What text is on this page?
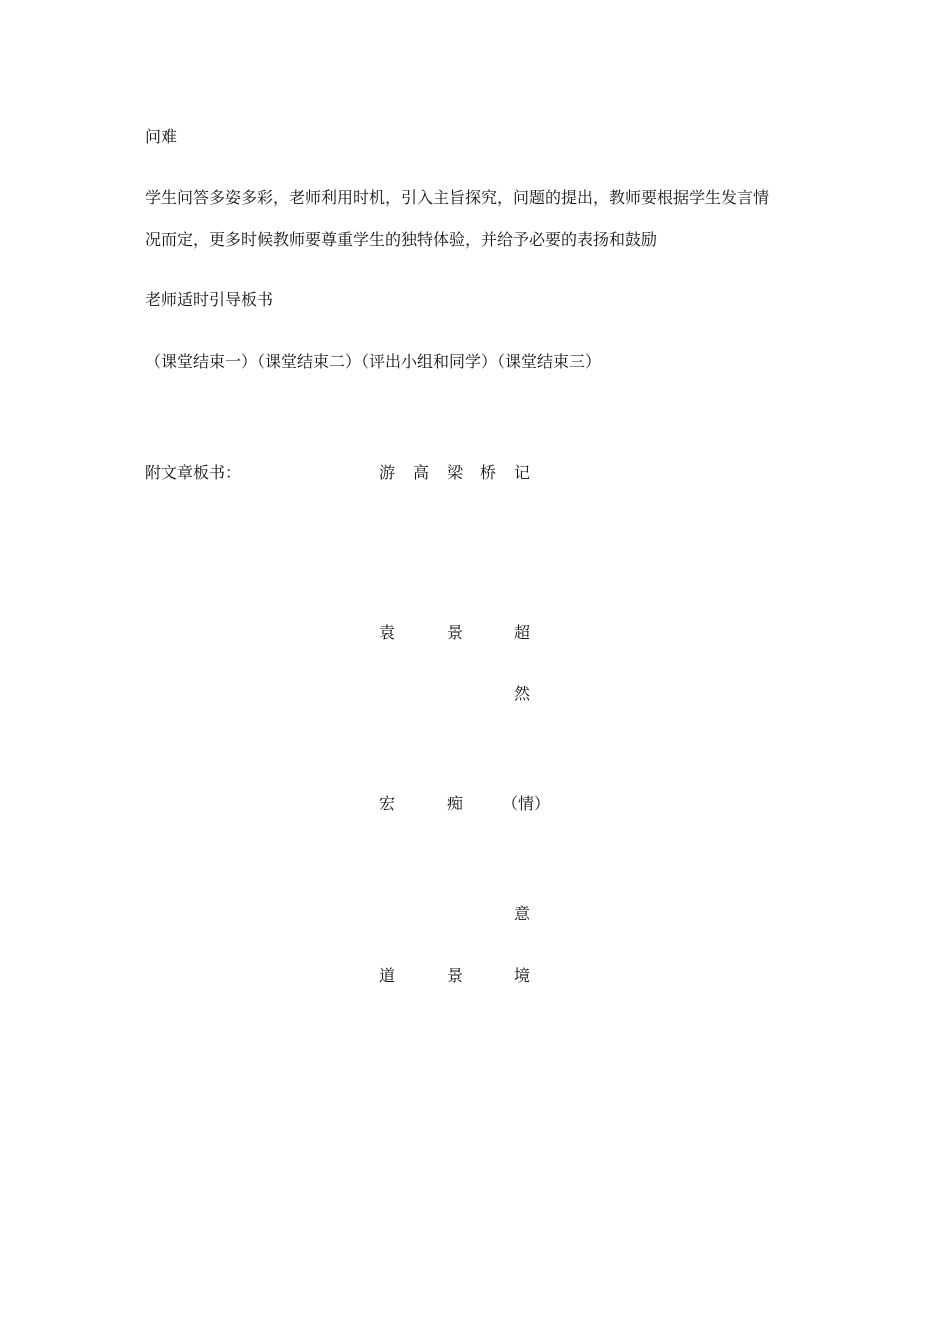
问难
学生问答多姿多彩，老师利用时机，引入主旨探究，问题的提出，教师要根据学生发言情
况而定，更多时候教师要尊重学生的独特体验，并给予必要的表扬和鼓励
老师适时引导板书
（课堂结束一）（课堂结束二）（评出小组和同学）（课堂结束三）
附文章板书：	游 高 梁 桥 记
袁	景	超
然
宏	痴 （情）
意
道	景	境
